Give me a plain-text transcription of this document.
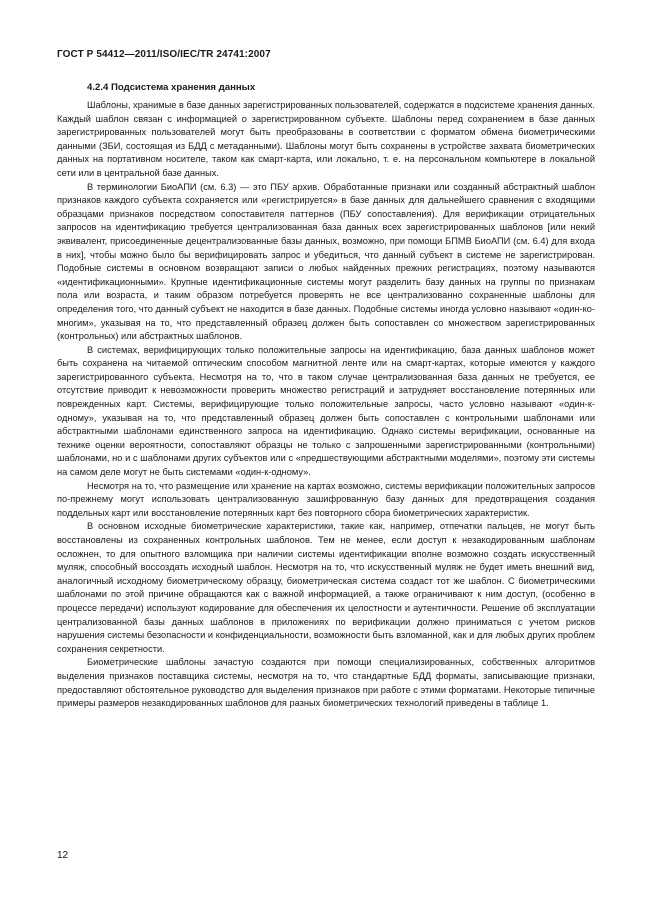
ГОСТ Р 54412—2011/ISO/IEC/TR 24741:2007
4.2.4 Подсистема хранения данных

Шаблоны, хранимые в базе данных зарегистрированных пользователей, содержатся в подсистеме хранения данных. Каждый шаблон связан с информацией о зарегистрированном субъекте. Шаблоны перед сохранением в базе данных зарегистрированных пользователей могут быть преобразованы в соответствии с форматом обмена биометрическими данными (ЗБИ, состоящая из БДД с метаданными). Шаблоны могут быть сохранены в устройстве захвата биометрических данных на портативном носителе, таком как смарт-карта, или локально, т. е. на персональном компьютере в локальной сети или в центральной базе данных.

В терминологии БиоАПИ (см. 6.3) — это ПБУ архив. Обработанные признаки или созданный абстрактный шаблон признаков каждого субъекта сохраняется или «регистрируется» в базе данных для дальнейшего сравнения с входящими образцами признаков посредством сопоставителя паттернов (ПБУ сопоставления). Для верификации отрицательных запросов на идентификацию требуется централизованная база данных всех зарегистрированных шаблонов [или некий эквивалент, присоединенные децентрализованные базы данных, возможно, при помощи БПМВ БиоАПИ (см. 6.4) для входа в них], чтобы можно было бы верифицировать запрос и убедиться, что данный субъект в системе не зарегистрирован. Подобные системы в основном возвращают записи о любых найденных прежних регистрациях, поэтому называются «идентификационными». Крупные идентификационные системы могут разделить базу данных на группы по признакам пола или возраста, и таким образом потребуется проверять не все централизованно сохраненные шаблоны для определения того, что данный субъект не находится в базе данных. Подобные системы иногда условно называют «один-ко-многим», указывая на то, что представленный образец должен быть сопоставлен со множеством зарегистрированных (контрольных) или абстрактных шаблонов.

В системах, верифицирующих только положительные запросы на идентификацию, база данных шаблонов может быть сохранена на читаемой оптическим способом магнитной ленте или на смарт-картах, которые имеются у каждого зарегистрированного субъекта. Несмотря на то, что в таком случае централизованная база данных не требуется, ее отсутствие приводит к невозможности проверить множество регистраций и затрудняет восстановление потерянных или поврежденных карт. Системы, верифицирующие только положительные запросы, часто условно называют «один-к-одному», указывая на то, что представленный образец должен быть сопоставлен с контрольными шаблонами или абстрактными шаблонами единственного запроса на идентификацию. Однако системы верификации, основанные на технике оценки вероятности, сопоставляют образцы не только с запрошенными зарегистрированными (контрольными) шаблонами, но и с шаблонами других субъектов или с «предшествующими абстрактными моделями», поэтому эти системы на самом деле могут не быть системами «один-к-одному».

Несмотря на то, что размещение или хранение на картах возможно, системы верификации положительных запросов по-прежнему могут использовать централизованную зашифрованную базу данных для предотвращения создания поддельных карт или восстановление потерянных карт без повторного сбора биометрических характеристик.

В основном исходные биометрические характеристики, такие как, например, отпечатки пальцев, не могут быть восстановлены из сохраненных контрольных шаблонов. Тем не менее, если доступ к незакодированным шаблонам осложнен, то для опытного взломщика при наличии системы идентификации вполне возможно создать искусственный муляж, способный воссоздать исходный шаблон. Несмотря на то, что искусственный муляж не будет иметь внешний вид, аналогичный исходному биометрическому образцу, биометрическая система создаст тот же шаблон. С биометрическими шаблонами по этой причине обращаются как с важной информацией, а также ограничивают к ним доступ, (особенно в процессе передачи) используют кодирование для обеспечения их целостности и аутентичности. Решение об эксплуатации централизованной базы данных шаблонов в приложениях по верификации должно приниматься с учетом рисков нарушения системы безопасности и конфиденциальности, возможности быть взломанной, как и для любых других проблем сохранения секретности.

Биометрические шаблоны зачастую создаются при помощи специализированных, собственных алгоритмов выделения признаков поставщика системы, несмотря на то, что стандартные БДД форматы, записывающие признаки, предоставляют обстоятельное руководство для выделения признаков при работе с этими форматами. Некоторые типичные примеры размеров незакодированных шаблонов для разных биометрических технологий приведены в таблице 1.

12
